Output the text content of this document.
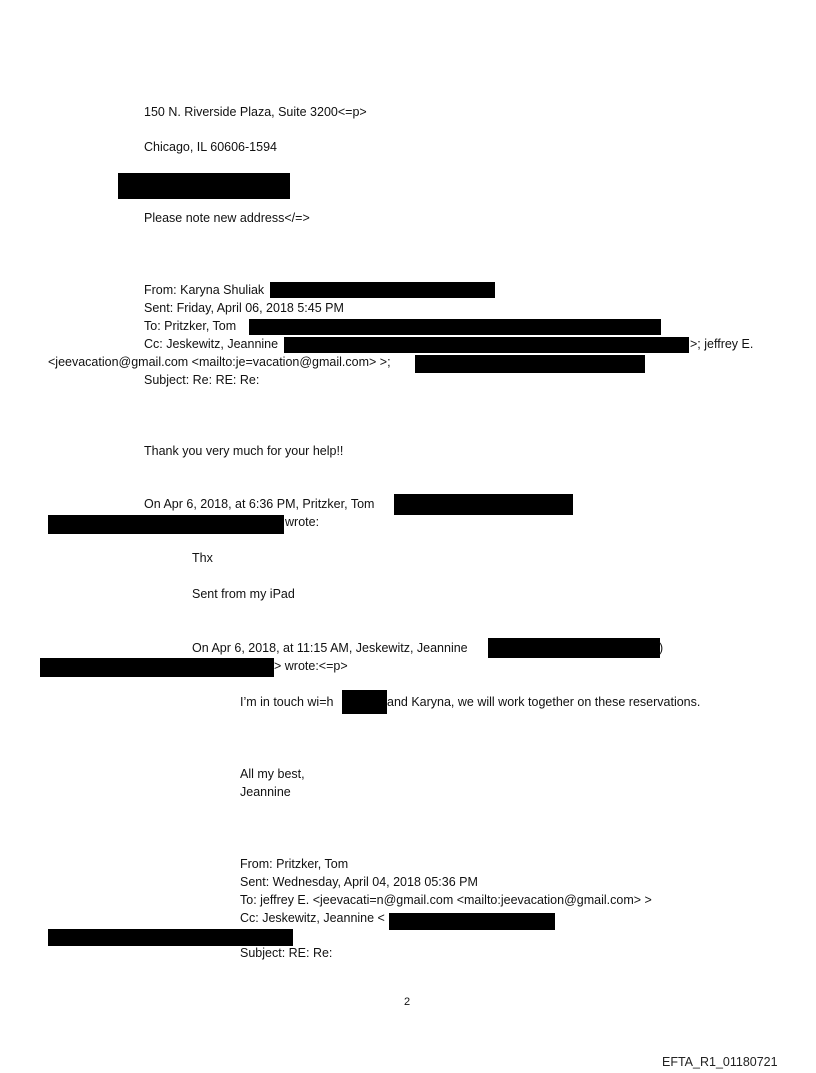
150 N. Riverside Plaza, Suite 3200<=p>
Chicago, IL 60606-1594
Please note new address</=>
From: Karyna Shuliak
Sent: Friday, April 06, 2018 5:45 PM
To: Pritzker, Tom
Cc: Jeskewitz, Jeannine	>; jeffrey E.
<jeevacation@gmail.com <mailto:je=vacation@gmail.com> >;
Subject: Re: RE: Re:
Thank you very much for your help!!
On Apr 6, 2018, at 6:36 PM, Pritzker, Tom
wrote:
Thx
Sent from my iPad
On Apr 6, 2018, at 11:15 AM, Jeskewitz, Jeannine	)
> wrote:<=p>
I’m in touch wi=h	and Karyna, we will work together on these reservations.
All my best,
Jeannine
From: Pritzker, Tom
Sent: Wednesday, April 04, 2018 05:36 PM
To: jeffrey E. <jeevacati=n@gmail.com <mailto:jeevacation@gmail.com> >
Cc: Jeskewitz, Jeannine <
Subject: RE: Re:
2
EFTA_R1_01180721
